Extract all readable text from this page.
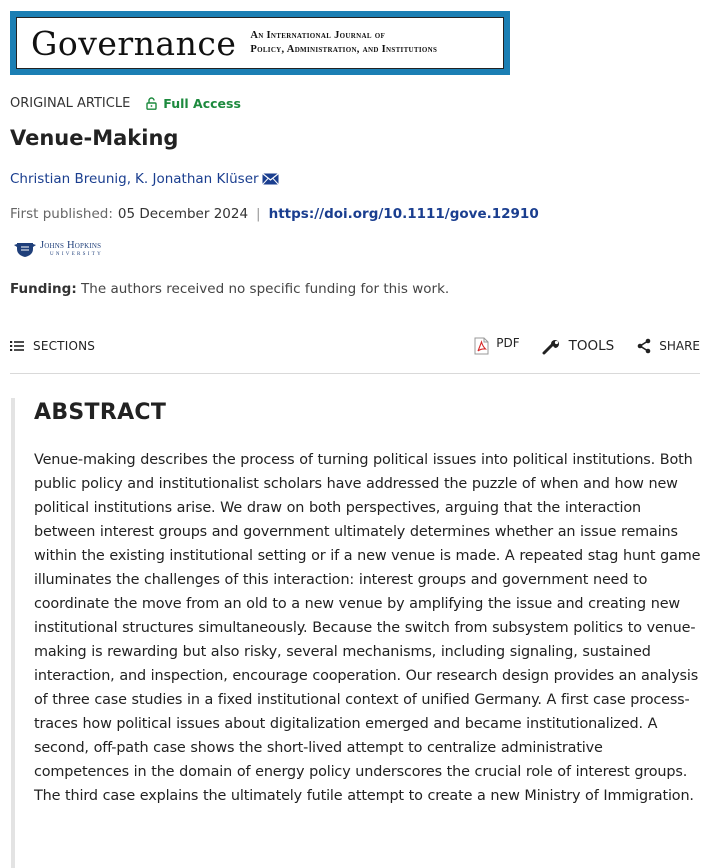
Governance An International Journal of
Policy, Administration, and Institutions
ORIGINAL ARTICLE	Full Access
Venue-Making
Christian Breunig , K. Jonathan Klüser
First published: 05 December 2024 | https://doi.org/10.1111/gove.12910
Johns Hopkins
UNIVERSITY
Funding: The authors received no specific funding for this work.
SECTIONS	PDF	TOOLS	SHARE
ABSTRACT

Venue-making describes the process of turning political issues into political institutions. Both public policy and institutionalist scholars have addressed the puzzle of when and how new political institutions arise. We draw on both perspectives, arguing that the interaction between interest groups and government ultimately determines whether an issue remains within the existing institutional setting or if a new venue is made. A repeated stag hunt game illuminates the challenges of this interaction: interest groups and government need to coordinate the move from an old to a new venue by amplifying the issue and creating new institutional structures simultaneously. Because the switch from subsystem politics to venue-making is rewarding but also risky, several mechanisms, including signaling, sustained interaction, and inspection, encourage cooperation. Our research design provides an analysis of three case studies in a fixed institutional context of unified Germany. A first case process-traces how political issues about digitalization emerged and became institutionalized. A second, off-path case shows the short-lived attempt to centralize administrative competences in the domain of energy policy underscores the crucial role of interest groups. The third case explains the ultimately futile attempt to create a new Ministry of Immigration.
